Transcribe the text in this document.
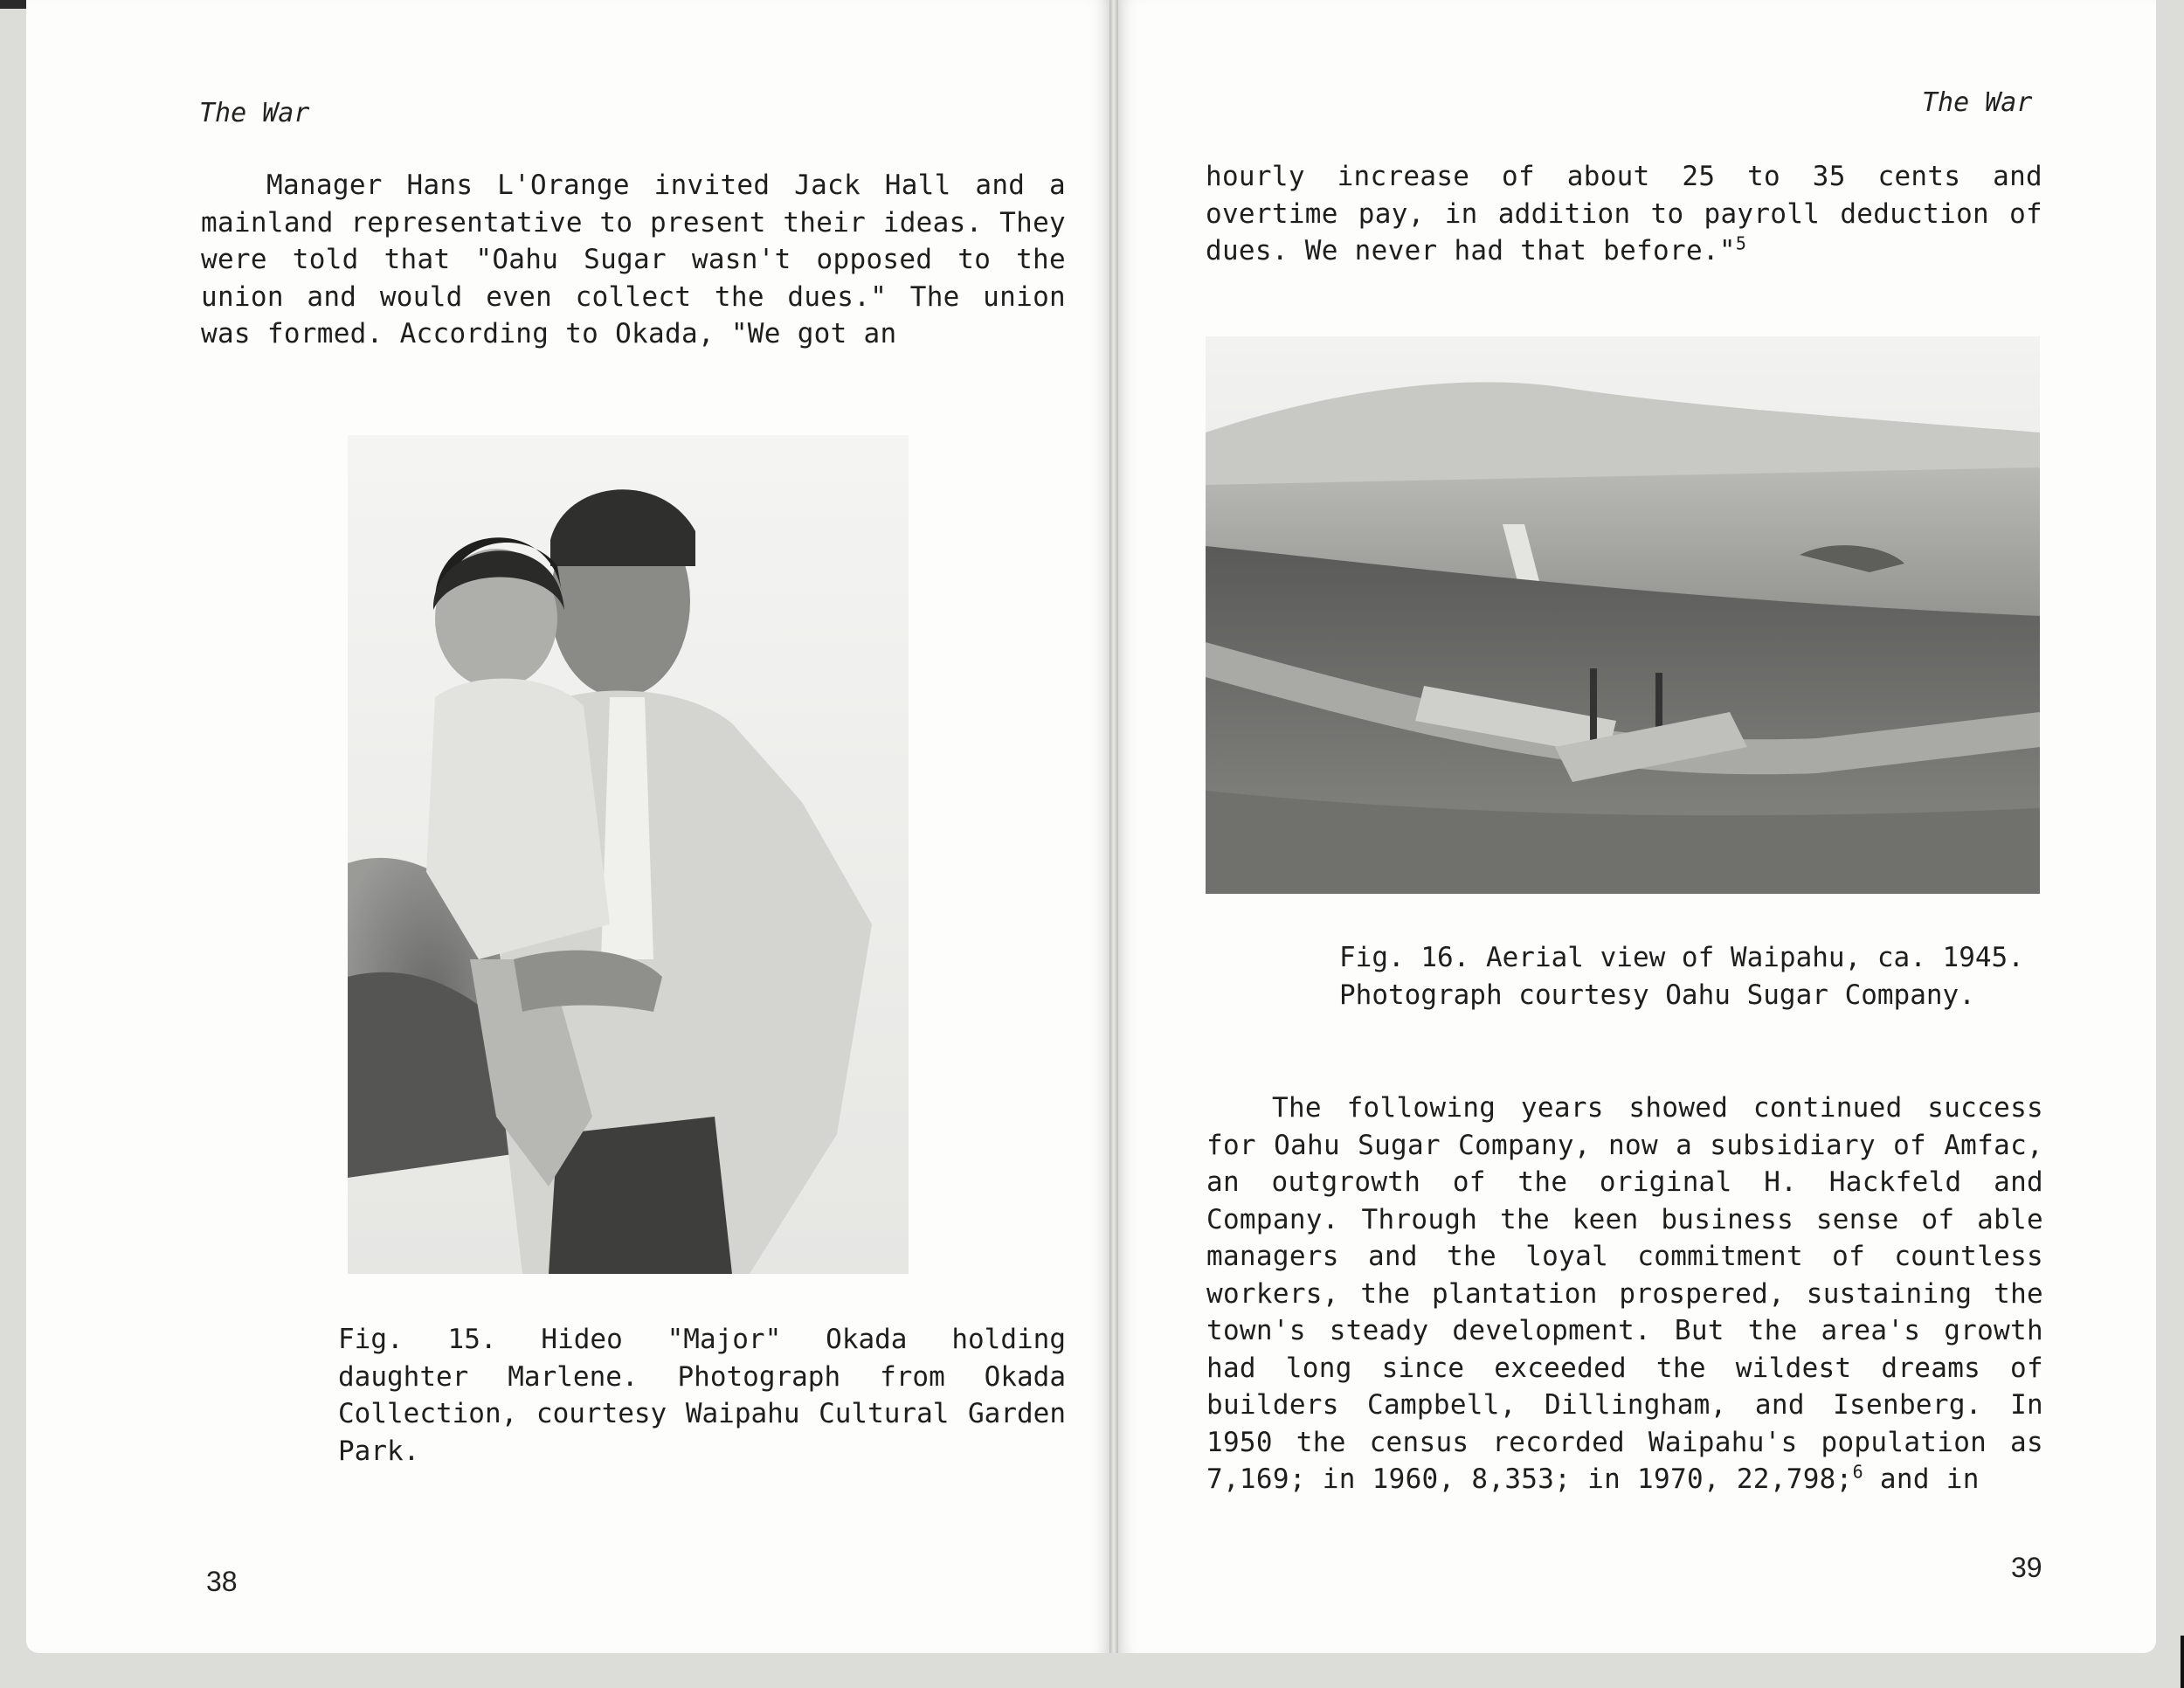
The War

Manager Hans L'Orange invited Jack Hall and a mainland representative to present their ideas. They were told that "Oahu Sugar wasn't opposed to the union and would even collect the dues." The union was formed. According to Okada, "We got an

Fig. 15. Hideo "Major" Okada holding daughter Marlene. Photograph from Okada Collection, courtesy Waipahu Cultural Garden Park.

38
The War

hourly increase of about 25 to 35 cents and overtime pay, in addition to payroll deduction of dues. We never had that before."$^5$

Fig. 16. Aerial view of Waipahu, ca. 1945. Photograph courtesy Oahu Sugar Company.

The following years showed continued success for Oahu Sugar Company, now a subsidiary of Amfac, an outgrowth of the original H. Hackfeld and Company. Through the keen business sense of able managers and the loyal commitment of countless workers, the plantation prospered, sustaining the town's steady development. But the area's growth had long since exceeded the wildest dreams of builders Campbell, Dillingham, and Isenberg. In 1950 the census recorded Waipahu's population as 7,169; in 1960, 8,353; in 1970, 22,798;$^6$ and in

39
